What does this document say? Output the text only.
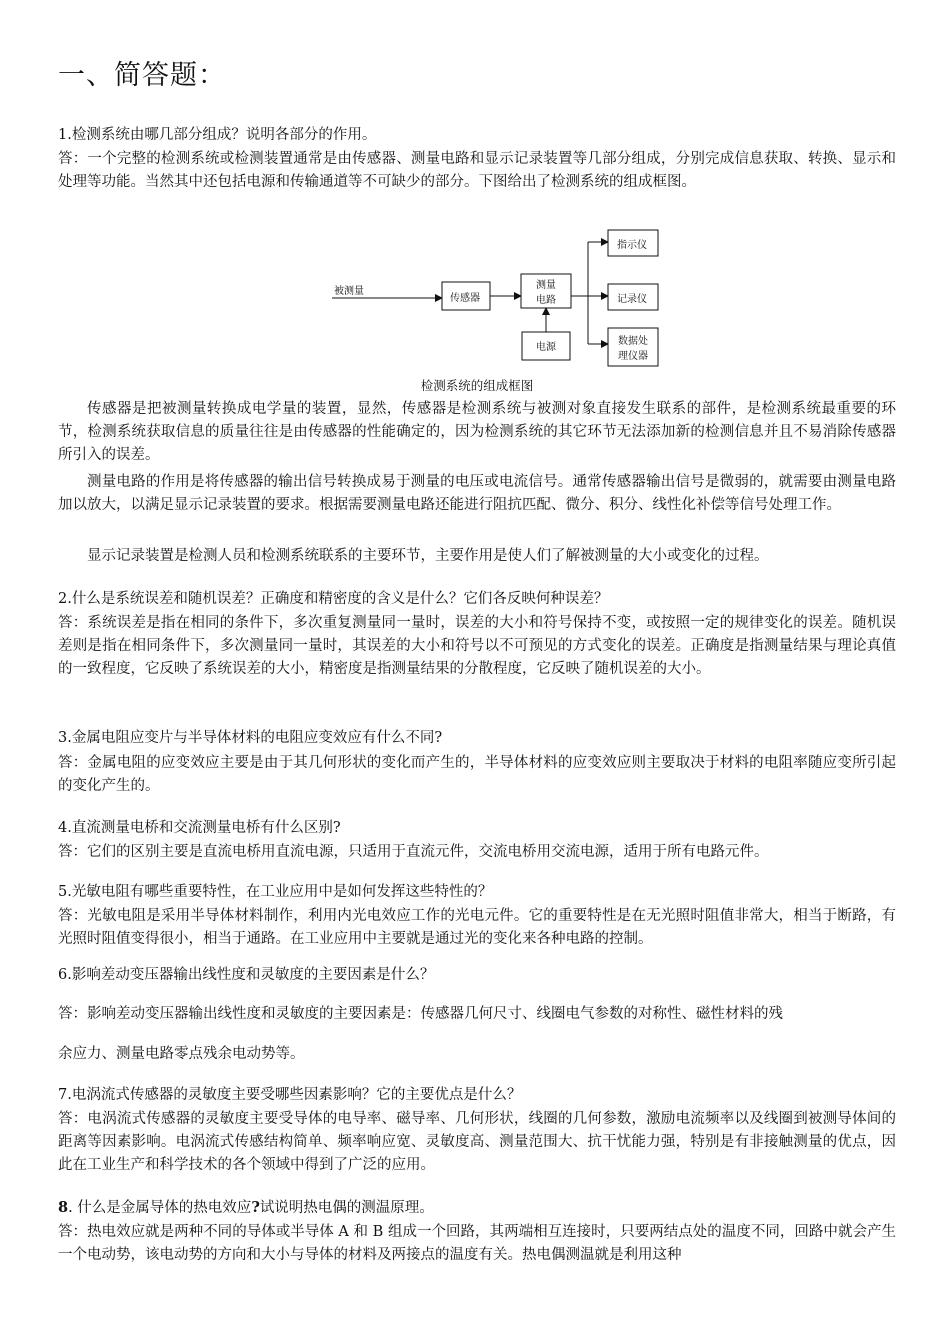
一、简答题：
1.检测系统由哪几部分组成？说明各部分的作用。
答：一个完整的检测系统或检测装置通常是由传感器、测量电路和显示记录装置等几部分组成，分别完成信息获取、转换、显示和处理等功能。当然其中还包括电源和传输通道等不可缺少的部分。下图给出了检测系统的组成框图。
被测量
传感器
测量
电路
电源
指示仪
记录仪
数据处
理仪器
检测系统的组成框图
传感器是把被测量转换成电学量的装置，显然，传感器是检测系统与被测对象直接发生联系的部件，是检测系统最重要的环节，检测系统获取信息的质量往往是由传感器的性能确定的，因为检测系统的其它环节无法添加新的检测信息并且不易消除传感器所引入的误差。
测量电路的作用是将传感器的输出信号转换成易于测量的电压或电流信号。通常传感器输出信号是微弱的，就需要由测量电路加以放大，以满足显示记录装置的要求。根据需要测量电路还能进行阻抗匹配、微分、积分、线性化补偿等信号处理工作。
显示记录装置是检测人员和检测系统联系的主要环节，主要作用是使人们了解被测量的大小或变化的过程。
2.什么是系统误差和随机误差？正确度和精密度的含义是什么？它们各反映何种误差？
答：系统误差是指在相同的条件下，多次重复测量同一量时，误差的大小和符号保持不变，或按照一定的规律变化的误差。随机误差则是指在相同条件下，多次测量同一量时，其误差的大小和符号以不可预见的方式变化的误差。正确度是指测量结果与理论真值的一致程度，它反映了系统误差的大小，精密度是指测量结果的分散程度，它反映了随机误差的大小。
3.金属电阻应变片与半导体材料的电阻应变效应有什么不同?
答：金属电阻的应变效应主要是由于其几何形状的变化而产生的，半导体材料的应变效应则主要取决于材料的电阻率随应变所引起的变化产生的。
4.直流测量电桥和交流测量电桥有什么区别?
答：它们的区别主要是直流电桥用直流电源，只适用于直流元件，交流电桥用交流电源，适用于所有电路元件。
5.光敏电阻有哪些重要特性，在工业应用中是如何发挥这些特性的？
答：光敏电阻是采用半导体材料制作，利用内光电效应工作的光电元件。它的重要特性是在无光照时阻值非常大，相当于断路，有光照时阻值变得很小，相当于通路。在工业应用中主要就是通过光的变化来各种电路的控制。
6.影响差动变压器输出线性度和灵敏度的主要因素是什么？
答：影响差动变压器输出线性度和灵敏度的主要因素是：传感器几何尺寸、线圈电气参数的对称性、磁性材料的残
余应力、测量电路零点残余电动势等。
7.电涡流式传感器的灵敏度主要受哪些因素影响？它的主要优点是什么？
答：电涡流式传感器的灵敏度主要受导体的电导率、磁导率、几何形状，线圈的几何参数，激励电流频率以及线圈到被测导体间的距离等因素影响。电涡流式传感结构简单、频率响应宽、灵敏度高、测量范围大、抗干忧能力强，特别是有非接触测量的优点，因此在工业生产和科学技术的各个领域中得到了广泛的应用。
8. 什么是金属导体的热电效应?试说明热电偶的测温原理。
答：热电效应就是两种不同的导体或半导体 A 和 B 组成一个回路，其两端相互连接时，只要两结点处的温度不同，回路中就会产生一个电动势，该电动势的方向和大小与导体的材料及两接点的温度有关。热电偶测温就是利用这种
